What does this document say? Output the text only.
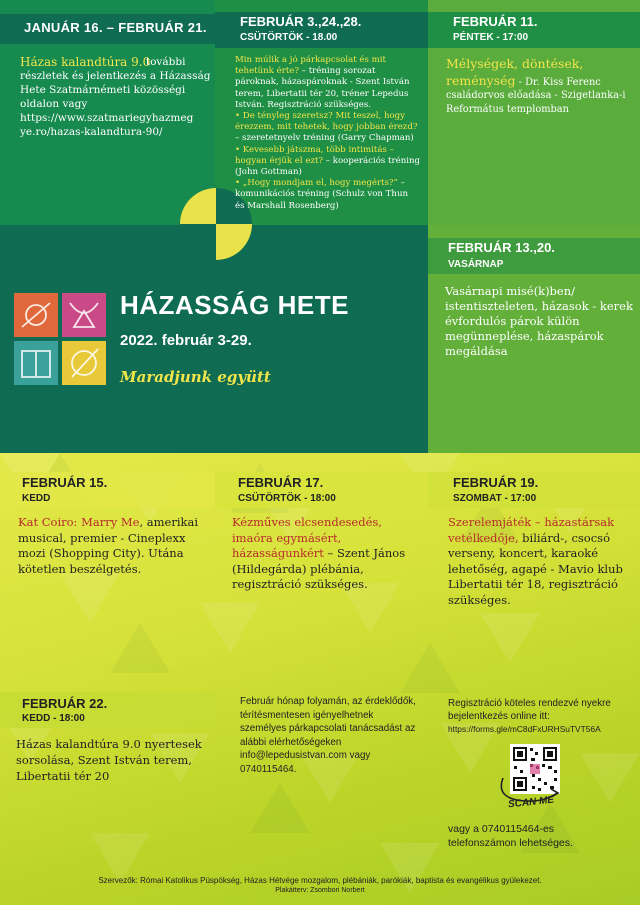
JANUÁR 16. – FEBRUÁR 21.
Házas kalandtúra 9.0
további részletek és jelentkezés a Házasság Hete Szatmárnémeti közösségi oldalon vagy
https://www.szatmariegyhazmeg
ye.ro/hazas-kalandtura-90/
FEBRUÁR 3.,24.,28.
CSÜTÖRTÖK - 18.00
Min múlik a jó párkapcsolat és mit tehetünk érte? – tréning sorozat pároknak, házaspároknak - Szent István terem, Libertatii tér 20, tréner Lepedus István. Regisztráció szükséges.
• De tényleg szeretsz? Mit teszel, hogy érezzem, mit tehetek, hogy jobban érezd? – szeretetnyelv tréning (Garry Chapman)
• Kevesebb játszma, több intimitás – hogyan érjük el ezt? – kooperációs tréning (John Gottman)
• „Hogy mondjam el, hogy megérts?” – komunikációs tréning (Schulz von Thun és Marshall Rosenberg)
FEBRUÁR 11.
PÉNTEK - 17:00
Mélységek, döntések, reménység - Dr. Kiss Ferenc családorvos előadása - Szigetlanka-i Református templomban
HÁZASSÁG HETE
2022. február 3-29.
Maradjunk együtt
FEBRUÁR 13.,20.
VASÁRNAP
Vasárnapi misé(k)ben/ istentiszteleten, házasok - kerek évfordulós párok külön megünneplése, házaspárok megáldása
FEBRUÁR 15.
KEDD
Kat Coiro: Marry Me, amerikai musical, premier - Cineplexx mozi (Shopping City). Utána kötetlen beszélgetés.
FEBRUÁR 17.
CSÜTÖRTÖK - 18:00
Kézműves elcsendesedés, imaóra egymásért, házasságunkért – Szent János (Hildegárda) plébánia, regisztráció szükséges.
FEBRUÁR 19.
SZOMBAT - 17:00
Szerelemjáték – házastársak vetélkedője, biliárd-, csocsó verseny, koncert, karaoké lehetőség, agapé - Mavio klub Libertatii tér 18, regisztráció szükséges.
FEBRUÁR 22.
KEDD - 18:00
Házas kalandtúra 9.0 nyertesek sorsolása, Szent István terem, Libertatii tér 20
Február hónap folyamán, az érdeklődők, térítésmentesen igényelhetnek személyes párkapcsolati tanácsadást az alábbi elérhetőségeken
info@lepedusistvan.com vagy
0740115464.
Regisztráció köteles rendezvé nyekre bejelentkezés online itt:
https://forms.gle/mC8dFxURHSuTVT56A
SCAN ME
vagy a 0740115464-es telefonszámon lehetséges.
Szervezők: Római Katolikus Püspökség, Házas Hétvége mozgalom, plébániák, parókiák, baptista és evangélikus gyülekezet.
Plakátterv: Zsombori Norbert
